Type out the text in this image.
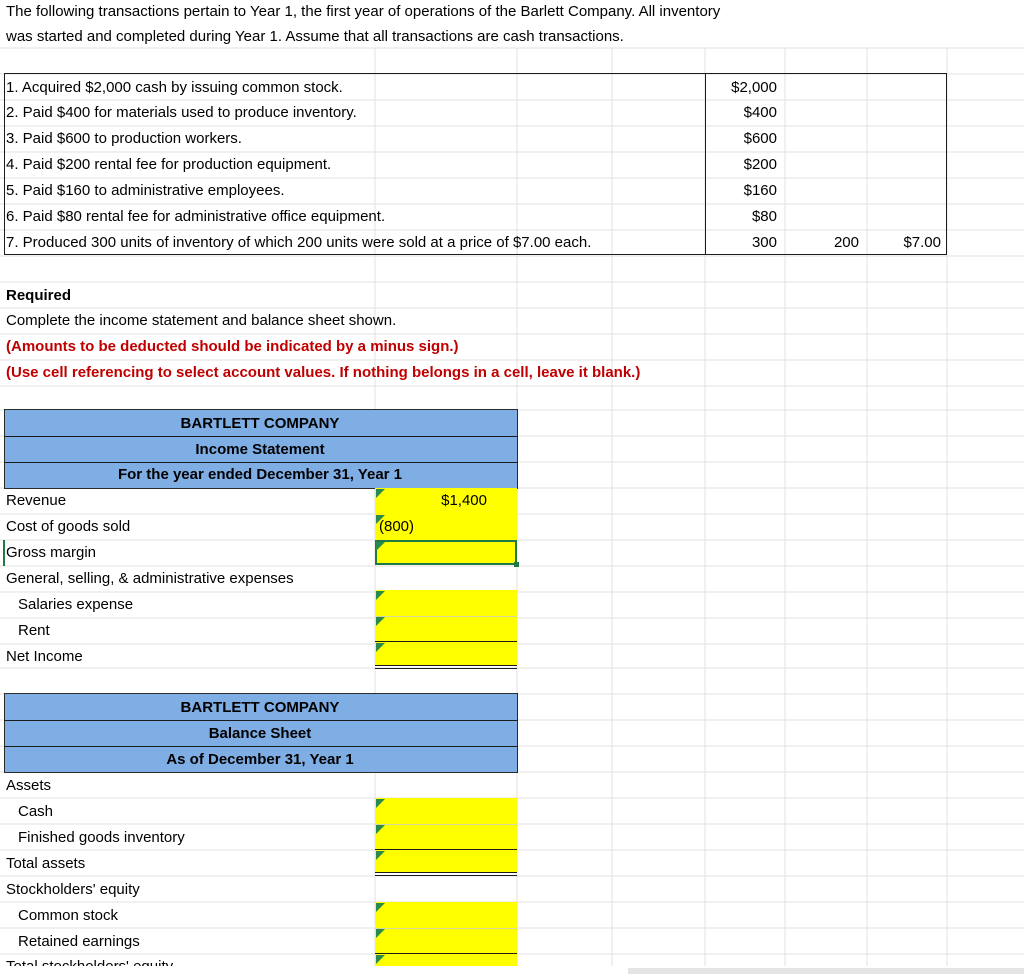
The following transactions pertain to Year 1, the first year of operations of the Barlett Company. All inventory
was started and completed during Year 1. Assume that all transactions are cash transactions.
1. Acquired $2,000 cash by issuing common stock.	$2,000
2. Paid $400 for materials used to produce inventory.	$400
3. Paid $600 to production workers.	$600
4. Paid $200 rental fee for production equipment.	$200
5. Paid $160 to administrative employees.	$160
6. Paid $80 rental fee for administrative office equipment.	$80
7. Produced 300 units of inventory of which 200 units were sold at a price of $7.00 each.	300	200	$7.00
Required
Complete the income statement and balance sheet shown.
(Amounts to be deducted should be indicated by a minus sign.)
(Use cell referencing to select account values. If nothing belongs in a cell, leave it blank.)
BARTLETT COMPANY
Income Statement
For the year ended December 31, Year 1
Revenue	$1,400
Cost of goods sold	(800)
Gross margin
General, selling, & administrative expenses
Salaries expense
Rent
Net Income
BARTLETT COMPANY
Balance Sheet
As of December 31, Year 1
Assets
Cash
Finished goods inventory
Total assets
Stockholders' equity
Common stock
Retained earnings
